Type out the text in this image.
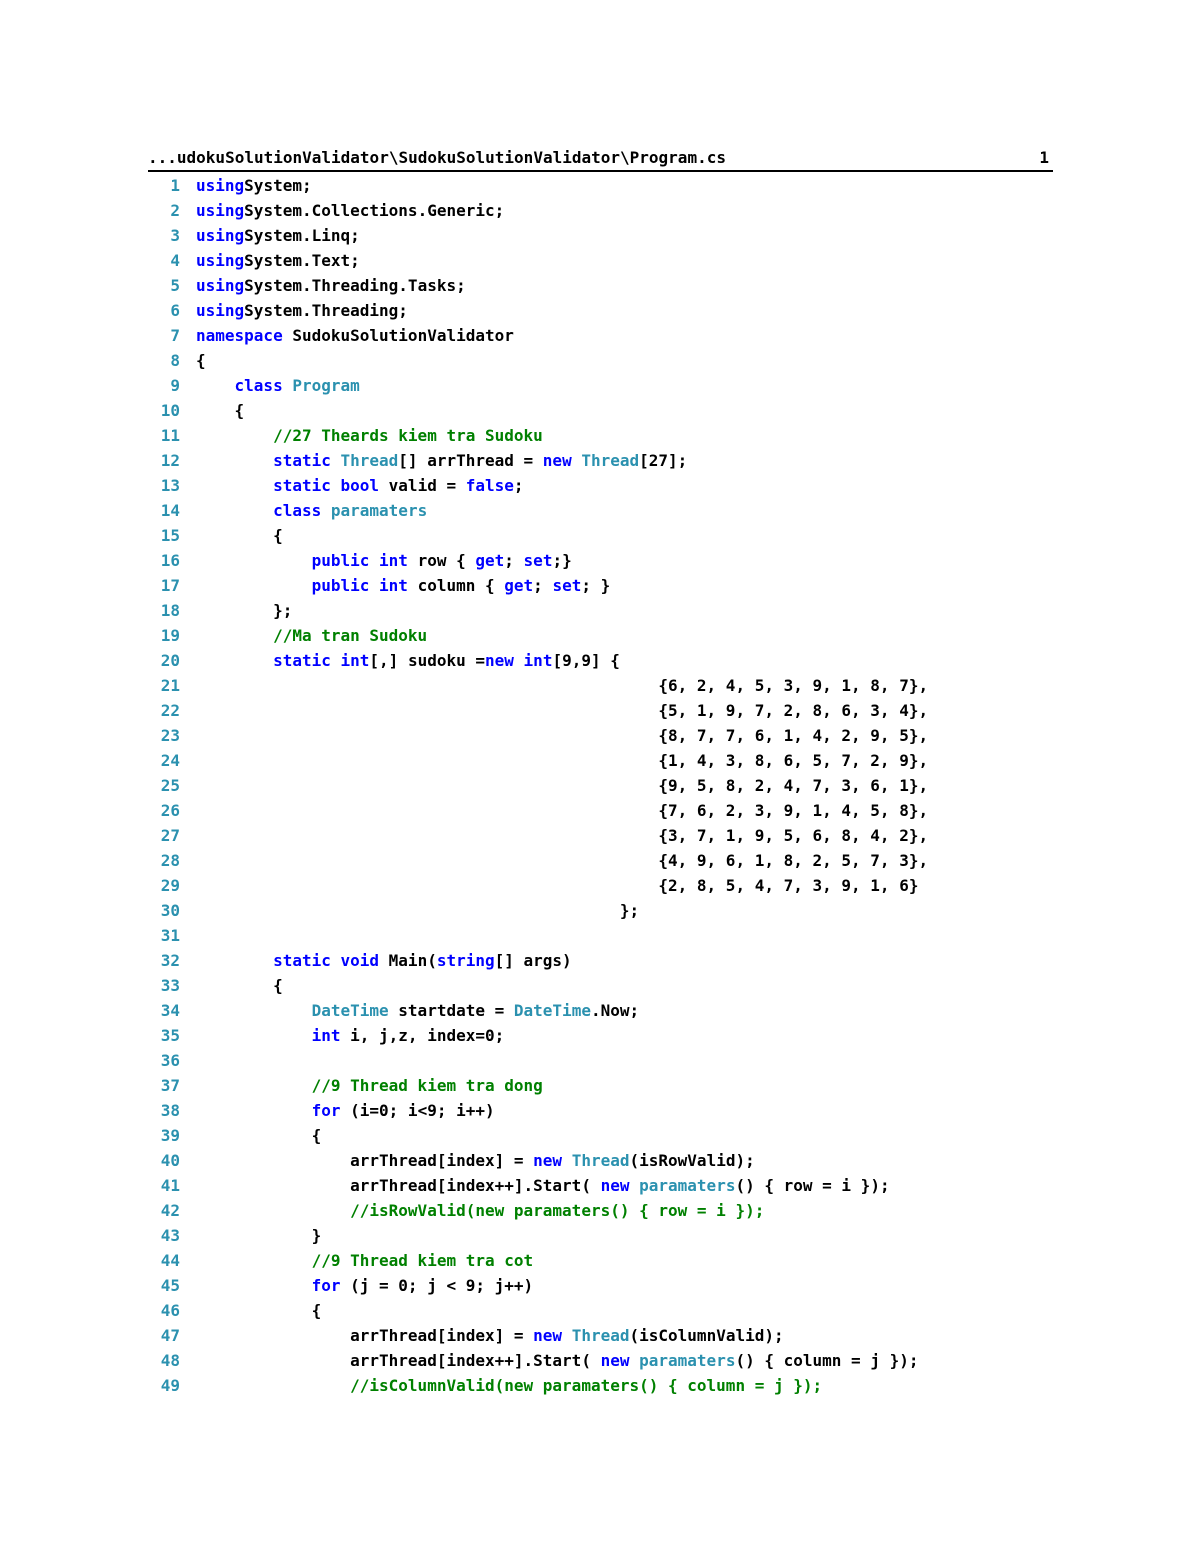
...udokuSolutionValidator\SudokuSolutionValidator\Program.cs	1
1 usingSystem;
2 usingSystem.Collections.Generic;
3 usingSystem.Linq;
4 usingSystem.Text;
5 usingSystem.Threading.Tasks;
6 usingSystem.Threading;
7 namespace SudokuSolutionValidator
8 {
9	class Program
10 {
11	//27 Theards kiem tra Sudoku
12	static Thread[] arrThread = new Thread[27];
13	static bool valid = false;
14	class paramaters
15 {
16	public int row { get; set;}
17	public int column { get; set; }
18 };
19	//Ma tran Sudoku
20	static int[,] sudoku =new int[9,9] {
21 {6, 2, 4, 5, 3, 9, 1, 8, 7},
22 {5, 1, 9, 7, 2, 8, 6, 3, 4},
23 {8, 7, 7, 6, 1, 4, 2, 9, 5},
24 {1, 4, 3, 8, 6, 5, 7, 2, 9},
25 {9, 5, 8, 2, 4, 7, 3, 6, 1},
26 {7, 6, 2, 3, 9, 1, 4, 5, 8},
27 {3, 7, 1, 9, 5, 6, 8, 4, 2},
28 {4, 9, 6, 1, 8, 2, 5, 7, 3},
29 {2, 8, 5, 4, 7, 3, 9, 1, 6}
30 };
31
32	static void Main(string[] args)
33 {
34	DateTime startdate = DateTime.Now;
35	int i, j,z, index=0;
36
37	//9 Thread kiem tra dong
38	for (i=0; i<9; i++)
39 {
40 arrThread[index] = new Thread(isRowValid);
41 arrThread[index++].Start( new paramaters() { row = i });
42	//isRowValid(new paramaters() { row = i });
43 }
44	//9 Thread kiem tra cot
45	for (j = 0; j < 9; j++)
46 {
47 arrThread[index] = new Thread(isColumnValid);
48 arrThread[index++].Start( new paramaters() { column = j });
49	//isColumnValid(new paramaters() { column = j });
